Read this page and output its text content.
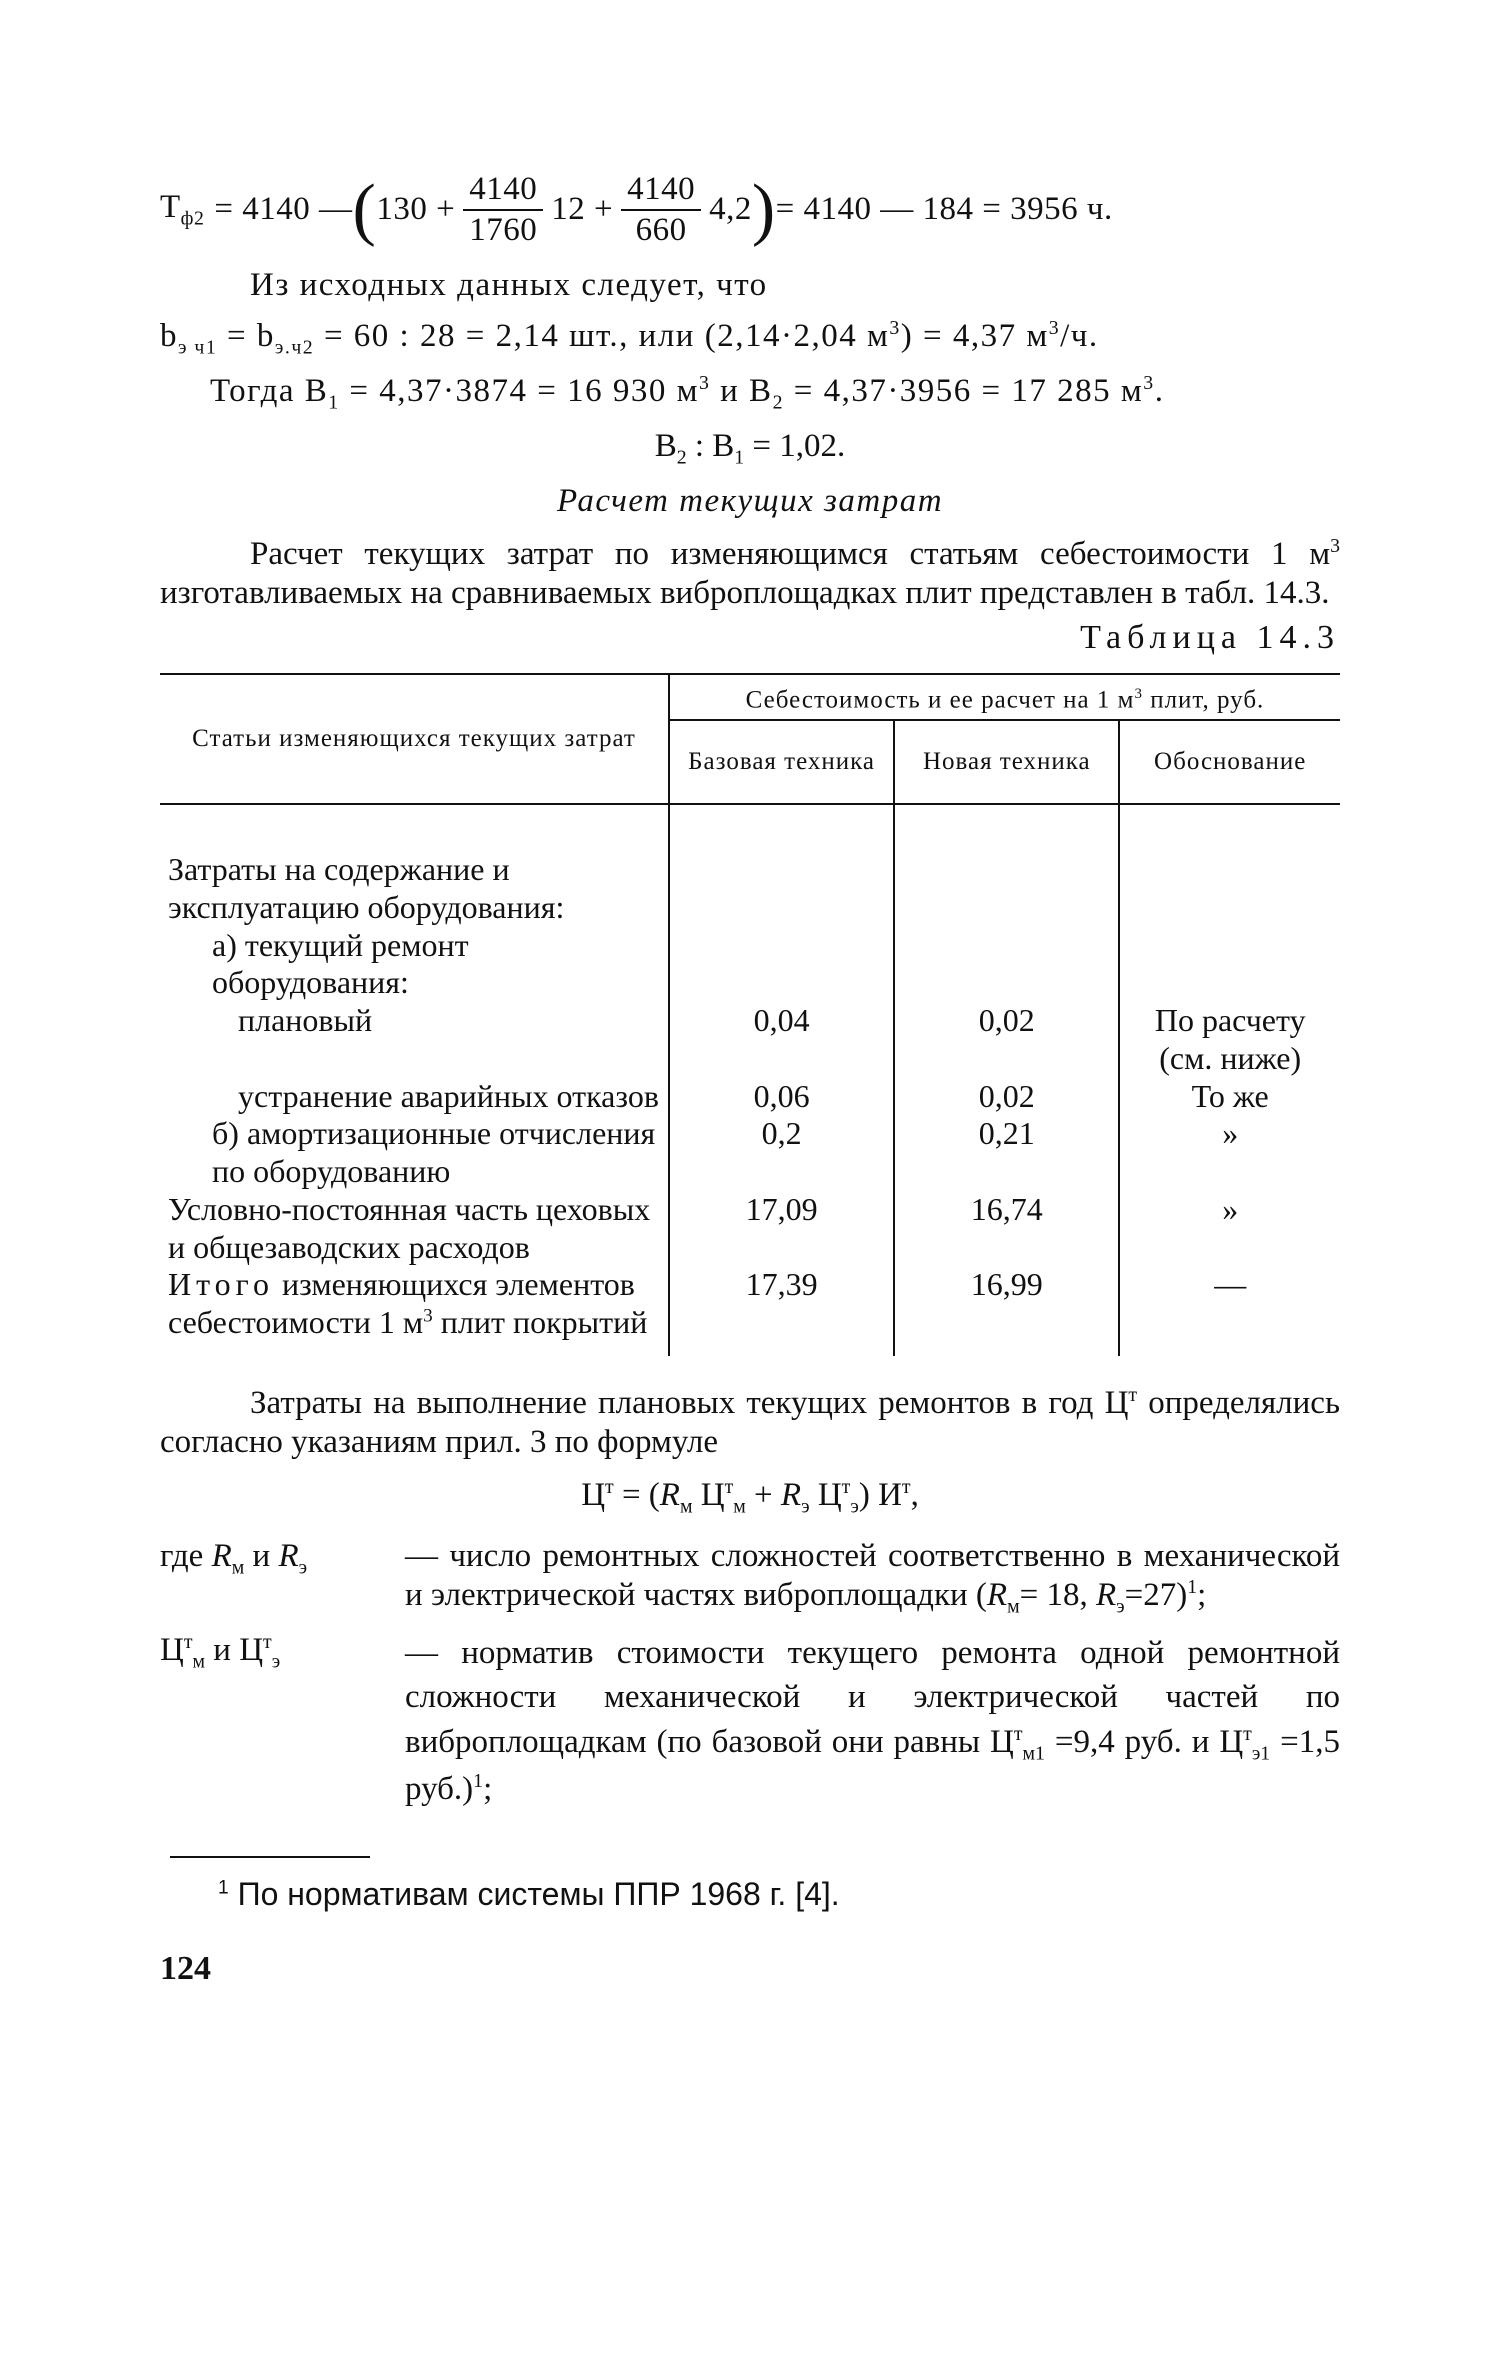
$Т_{ф2} = 4140$ — ( $130 + \frac{4140}{1760} 12 + \frac{4140}{660} 4,2$ ) = 4140 — 184 = 3956 ч.
Из исходных данных следует, что
$b_{э ч1} = b_{э.ч2} = 60$ : 28 = 2,14 шт., или (2,14·2,04 $м^3) = 4,37$ $м^3/ч$.
Тогда $В_1 = 4,37\cdot 3874 = 16$ 930 $м^3$ и $В_2 = 4,37\cdot 3956 = 17$ 285 $м^3$.
$В_2$ : $В_1 = 1,02$.
Расчет текущих затрат
Расчет текущих затрат по изменяющимся статьям себестоимости 1 $м^3$ изготавливаемых на сравниваемых виброплощадках плит представлен в табл. 14.3.
Таблица 14.3
Статьи изменяющихся текущих затрат	Себестоимость и ее расчет на 1 $м^3$ плит, руб.		
	Базовая техника	Новая техника	Обоснование

Затраты на содержание и эксплуатацию оборудования:			
а) текущий ремонт оборудования:			
плановый	0,04	0,02	По расчету (см. ниже)
устранение аварийных отказов	0,06	0,02	То же
б) амортизационные отчисления по оборудованию	0,2	0,21	»
Условно-постоянная часть цеховых и общезаводских расходов	17,09	16,74	»
Итого изменяющихся элементов себестоимости 1 $м^3$ плит покрытий	17,39	16,99	—
Затраты на выполнение плановых текущих ремонтов в год $Ц^т$ определялись согласно указаниям прил. 3 по формуле
$Ц^т = (R_м$ $Ц^т_м + R_э$ $Ц^т_э$) $И^т$,
где $R_м$ и $R_э$	— число ремонтных сложностей соответственно в механической и электрической частях виброплощадки ($R_м= 18$, $R_э=27)^1$;
$Ц^т_м$ и $Ц^т_э$	— норматив стоимости текущего ремонта одной ремонтной сложности механической и электрической частей по виброплощадкам (по базовой они равны $Ц^т_{м1} =9,4$ руб. и $Ц^т_{э1} =1,5$ руб.)$^1$;
$^1$ По нормативам системы ППР 1968 г. [4].
124
